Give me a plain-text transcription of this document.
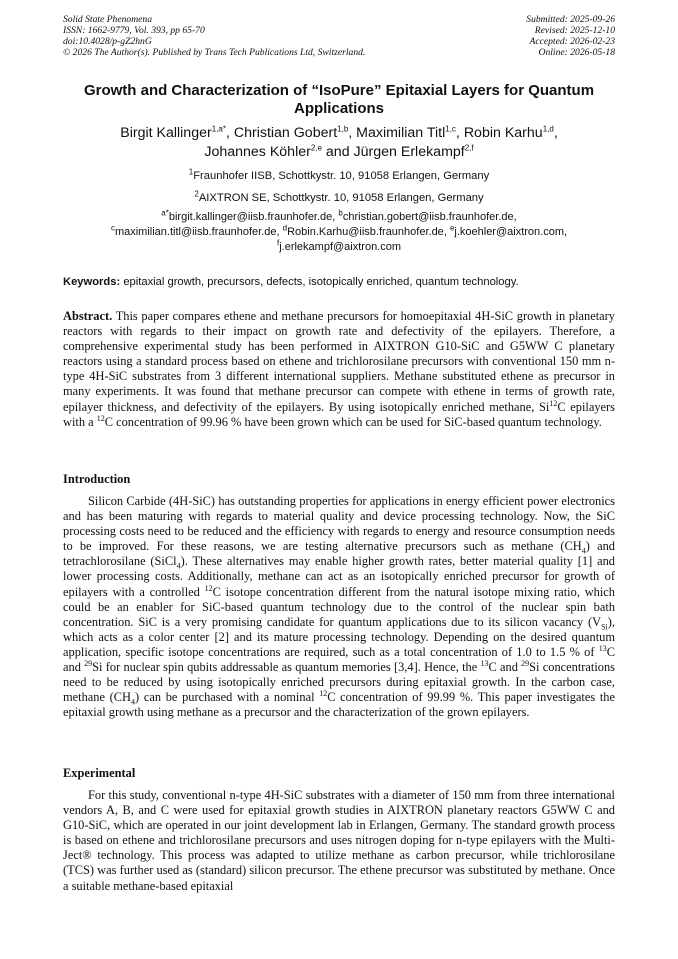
Solid State Phenomena
ISSN: 1662-9779, Vol. 393, pp 65-70
doi:10.4028/p-gZ2hnG
© 2026 The Author(s). Published by Trans Tech Publications Ltd, Switzerland.
Submitted: 2025-09-26
Revised: 2025-12-10
Accepted: 2026-02-23
Online: 2026-05-18
Growth and Characterization of “IsoPure” Epitaxial Layers for Quantum Applications
Birgit Kallinger$^{1,a*}$, Christian Gobert$^{1,b}$, Maximilian Titl$^{1,c}$, Robin Karhu$^{1,d}$,
Johannes Köhler$^{2,e}$ and Jürgen Erlekampf$^{2,f}$
$^1$Fraunhofer IISB, Schottkystr. 10, 91058 Erlangen, Germany
$^2$AIXTRON SE, Schottkystr. 10, 91058 Erlangen, Germany
$^{a*}$birgit.kallinger@iisb.fraunhofer.de, $^b$christian.gobert@iisb.fraunhofer.de,
$^c$maximilian.titl@iisb.fraunhofer.de, $^d$Robin.Karhu@iisb.fraunhofer.de, $^e$j.koehler@aixtron.com,
$^f$j.erlekampf@aixtron.com
Keywords: epitaxial growth, precursors, defects, isotopically enriched, quantum technology.
Abstract. This paper compares ethene and methane precursors for homoepitaxial 4H-SiC growth in planetary reactors with regards to their impact on growth rate and defectivity of the epilayers. Therefore, a comprehensive experimental study has been performed in AIXTRON G10-SiC and G5WW C planetary reactors using a standard process based on ethene and trichlorosilane precursors with conventional 150 mm n-type 4H-SiC substrates from 3 different international suppliers. Methane substituted ethene as precursor in many experiments. It was found that methane precursor can compete with ethene in terms of growth rate, epilayer thickness, and defectivity of the epilayers. By using isotopically enriched methane, Si$^{12}$C epilayers with a $^{12}$C concentration of 99.96 % have been grown which can be used for SiC-based quantum technology.
Introduction
Silicon Carbide (4H-SiC) has outstanding properties for applications in energy efficient power electronics and has been maturing with regards to material quality and device processing technology. Now, the SiC processing costs need to be reduced and the efficiency with regards to energy and resource consumption needs to be improved. For these reasons, we are testing alternative precursors such as methane $(CH_4)$ and tetrachlorosilane (SiCl$_4$). These alternatives may enable higher growth rates, better material quality [1] and lower processing costs. Additionally, methane can act as an isotopically enriched precursor for growth of epilayers with a controlled $^{12}$C isotope concentration different from the natural isotope mixing ratio, which could be an enabler for SiC-based quantum technology due to the control of the nuclear spin bath concentration. SiC is a very promising candidate for quantum applications due to its silicon vacancy $(V_{Si})$, which acts as a color center [2] and its mature processing technology. Depending on the desired quantum application, specific isotope concentrations are required, such as a total concentration of 1.0 to 1.5 % of $^{13}$C and $^{29}$Si for nuclear spin qubits addressable as quantum memories [3,4]. Hence, the $^{13}$C and $^{29}$Si concentrations need to be reduced by using isotopically enriched precursors during epitaxial growth. In the carbon case, methane $(CH_4)$ can be purchased with a nominal $^{12}$C concentration of 99.99 %. This paper investigates the epitaxial growth using methane as a precursor and the characterization of the grown epilayers.
Experimental
For this study, conventional n-type 4H-SiC substrates with a diameter of 150 mm from three international vendors A, B, and C were used for epitaxial growth studies in AIXTRON planetary reactors G5WW C and G10-SiC, which are operated in our joint development lab in Erlangen, Germany. The standard growth process is based on ethene and trichlorosilane precursors and uses nitrogen doping for n-type epilayers with the Multi-Ject® technology. This process was adapted to utilize methane as carbon precursor, while trichlorosilane (TCS) was further used as (standard) silicon precursor. The ethene precursor was substituted by methane. Once a suitable methane-based epitaxial
